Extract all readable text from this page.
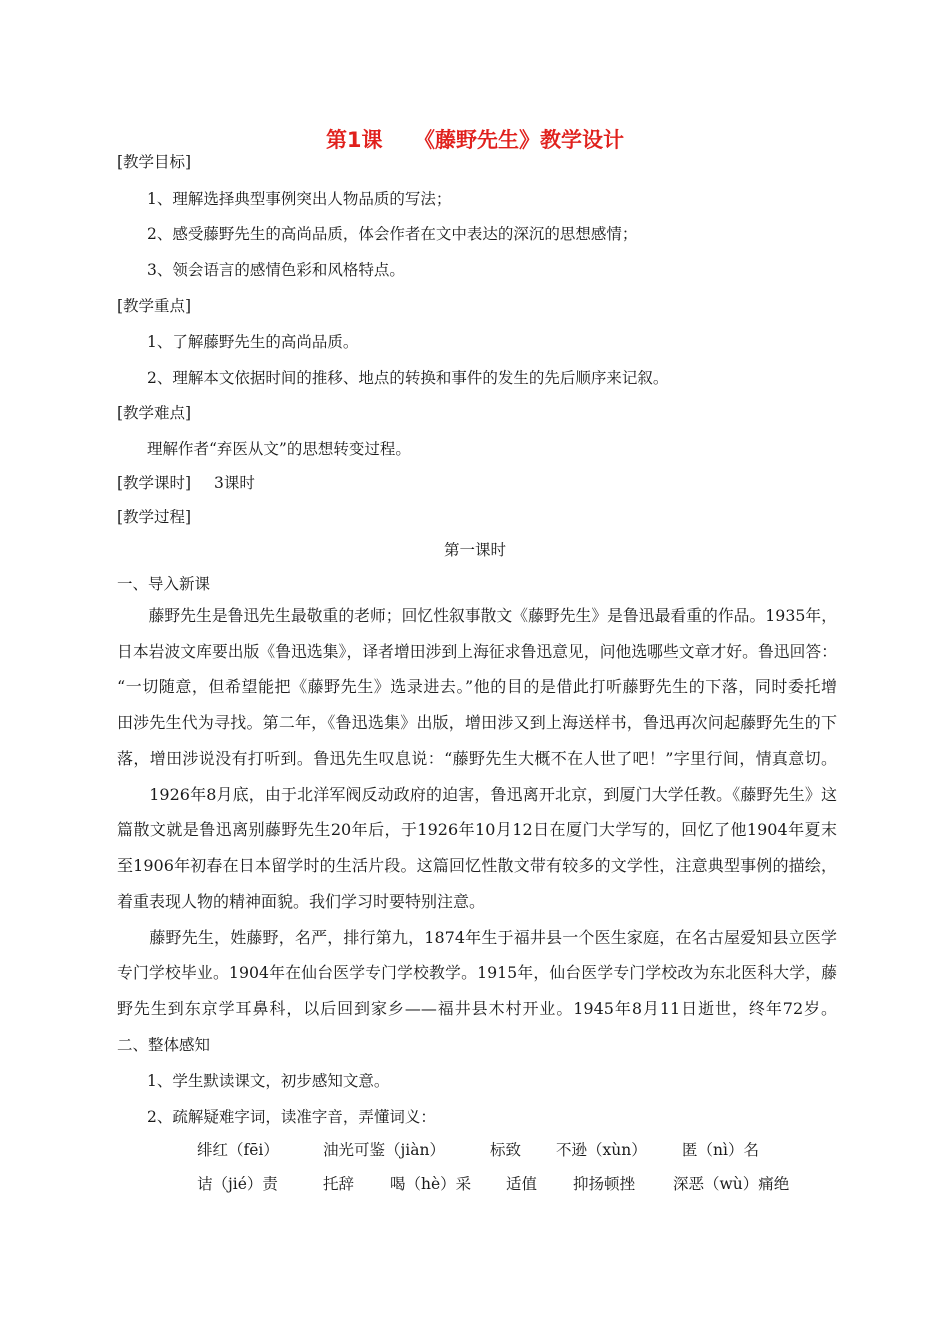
第1课　　《藤野先生》教学设计
[教学目标]
1、理解选择典型事例突出人物品质的写法；
2、感受藤野先生的高尚品质，体会作者在文中表达的深沉的思想感情；
3、领会语言的感情色彩和风格特点。
[教学重点]
1、了解藤野先生的高尚品质。
2、理解本文依据时间的推移、地点的转换和事件的发生的先后顺序来记叙。
[教学难点]
理解作者“弃医从文”的思想转变过程。
[教学课时] 3课时
[教学过程]
第一课时
一、导入新课
　　藤野先生是鲁迅先生最敬重的老师；回忆性叙事散文《藤野先生》是鲁迅最看重的作品。1935年，
日本岩波文库要出版《鲁迅选集》，译者增田涉到上海征求鲁迅意见，问他选哪些文章才好。鲁迅回答：
“一切随意，但希望能把《藤野先生》选录进去。”他的目的是借此打听藤野先生的下落，同时委托增
田涉先生代为寻找。第二年，《鲁迅选集》出版，增田涉又到上海送样书，鲁迅再次问起藤野先生的下
落，增田涉说没有打听到。鲁迅先生叹息说：“藤野先生大概不在人世了吧！”字里行间，情真意切。
　　1926年8月底，由于北洋军阀反动政府的迫害，鲁迅离开北京，到厦门大学任教。《藤野先生》这
篇散文就是鲁迅离别藤野先生20年后，于1926年10月12日在厦门大学写的，回忆了他1904年夏末
至1906年初春在日本留学时的生活片段。这篇回忆性散文带有较多的文学性，注意典型事例的描绘，
着重表现人物的精神面貌。我们学习时要特别注意。
　　藤野先生，姓藤野，名严，排行第九，1874年生于福井县一个医生家庭，在名古屋爱知县立医学
专门学校毕业。1904年在仙台医学专门学校教学。1915年，仙台医学专门学校改为东北医科大学，藤
野先生到东京学耳鼻科，以后回到家乡——福井县木村开业。1945年8月11日逝世，终年72岁。
二、整体感知
1、学生默读课文，初步感知文意。
2、疏解疑难字词，读准字音，弄懂词义：
绯红（fēi）	油光可鉴（jiàn）	标致 不逊（xùn） 匿（nì）名
诘（jié）责	托辞 喝（hè）采 适值 抑扬顿挫 深恶（wù）痛绝
